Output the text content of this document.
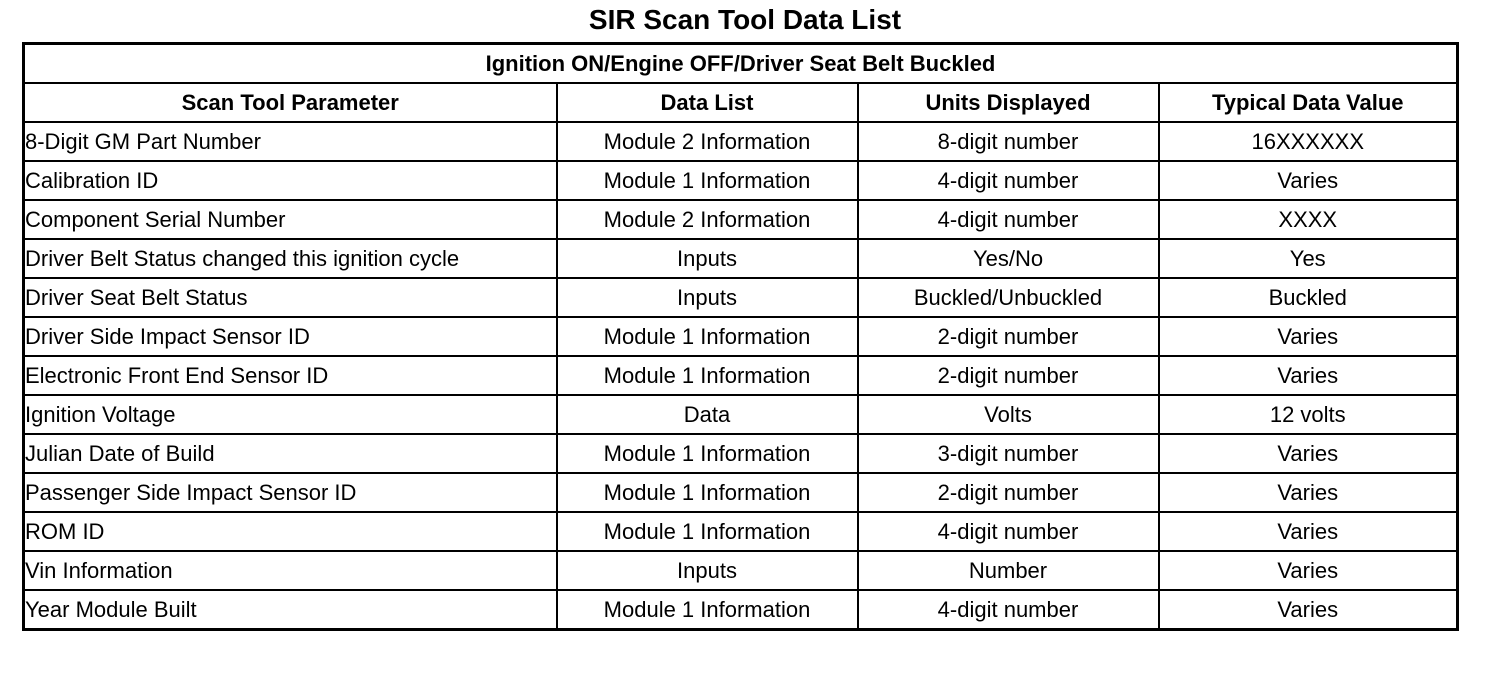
SIR Scan Tool Data List
Ignition ON/Engine OFF/Driver Seat Belt Buckled			
Scan Tool Parameter	Data List	Units Displayed	Typical Data Value
8-Digit GM Part Number	Module 2 Information	8-digit number	16XXXXXX
Calibration ID	Module 1 Information	4-digit number	Varies
Component Serial Number	Module 2 Information	4-digit number	XXXX
Driver Belt Status changed this ignition cycle	Inputs	Yes/No	Yes
Driver Seat Belt Status	Inputs	Buckled/Unbuckled	Buckled
Driver Side Impact Sensor ID	Module 1 Information	2-digit number	Varies
Electronic Front End Sensor ID	Module 1 Information	2-digit number	Varies
Ignition Voltage	Data	Volts	12 volts
Julian Date of Build	Module 1 Information	3-digit number	Varies
Passenger Side Impact Sensor ID	Module 1 Information	2-digit number	Varies
ROM ID	Module 1 Information	4-digit number	Varies
Vin Information	Inputs	Number	Varies
Year Module Built	Module 1 Information	4-digit number	Varies
